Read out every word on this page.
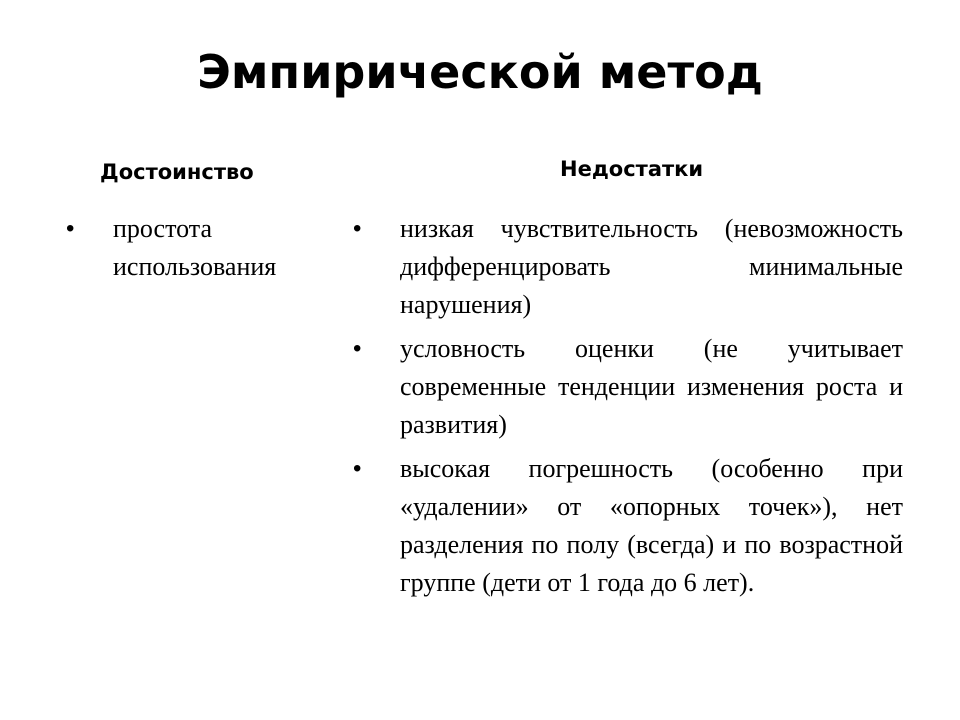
Эмпирической метод
Достоинство	Недостатки
• простота использования
• низкая чувствительность (невозможность дифференцировать минимальные нарушения)
• условность оценки (не учитывает современные тенденции изменения роста и развития)
• высокая погрешность (особенно при «удалении» от «опорных точек»), нет разделения по полу (всегда) и по возрастной группе (дети от 1 года до 6 лет).
